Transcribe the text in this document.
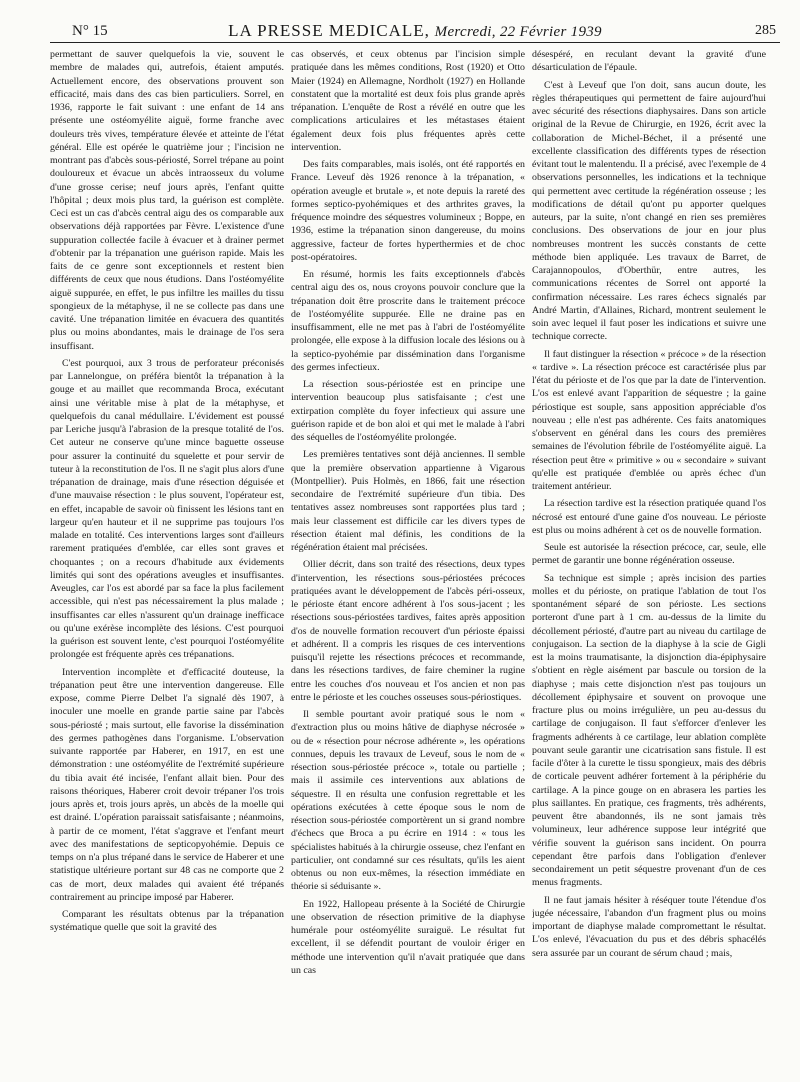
N° 15	LA PRESSE MEDICALE, Mercredi, 22 Février 1939	285

permettant de sauver quelquefois la vie, souvent le membre de malades qui, autrefois, étaient amputés. Actuellement encore, des observations prouvent son efficacité, mais dans des cas bien particuliers. Sorrel, en 1936, rapporte le fait suivant : une enfant de 14 ans présente une ostéomyélite aiguë, forme franche avec douleurs très vives, température élevée et atteinte de l'état général. Elle est opérée le quatrième jour ; l'incision ne montrant pas d'abcès sous-périosté, Sorrel trépane au point douloureux et évacue un abcès intraosseux du volume d'une grosse cerise; neuf jours après, l'enfant quitte l'hôpital ; deux mois plus tard, la guérison est complète. Ceci est un cas d'abcès central aigu des os comparable aux observations déjà rapportées par Fèvre. L'existence d'une suppuration collectée facile à évacuer et à drainer permet d'obtenir par la trépanation une guérison rapide. Mais les faits de ce genre sont exceptionnels et restent bien différents de ceux que nous étudions. Dans l'ostéomyélite aiguë suppurée, en effet, le pus infiltre les mailles du tissu spongieux de la métaphyse, il ne se collecte pas dans une cavité. Une trépanation limitée en évacuera des quantités plus ou moins abondantes, mais le drainage de l'os sera insuffisant.

C'est pourquoi, aux 3 trous de perforateur préconisés par Lannelongue, on préféra bientôt la trépanation à la gouge et au maillet que recommanda Broca, exécutant ainsi une véritable mise à plat de la métaphyse, et quelquefois du canal médullaire. L'évidement est poussé par Leriche jusqu'à l'abrasion de la presque totalité de l'os. Cet auteur ne conserve qu'une mince baguette osseuse pour assurer la continuité du squelette et pour servir de tuteur à la reconstitution de l'os. Il ne s'agit plus alors d'une trépanation de drainage, mais d'une résection déguisée et d'une mauvaise résection : le plus souvent, l'opérateur est, en effet, incapable de savoir où finissent les lésions tant en largeur qu'en hauteur et il ne supprime pas toujours l'os malade en totalité. Ces interventions larges sont d'ailleurs rarement pratiquées d'emblée, car elles sont graves et choquantes ; on a recours d'habitude aux évidements limités qui sont des opérations aveugles et insuffisantes. Aveugles, car l'os est abordé par sa face la plus facilement accessible, qui n'est pas nécessairement la plus malade ; insuffisantes car elles n'assurent qu'un drainage inefficace ou qu'une exérèse incomplète des lésions. C'est pourquoi la guérison est souvent lente, c'est pourquoi l'ostéomyélite prolongée est fréquente après ces trépanations.

Intervention incomplète et d'efficacité douteuse, la trépanation peut être une intervention dangereuse. Elle expose, comme Pierre Delbet l'a signalé dès 1907, à inoculer une moelle en grande partie saine par l'abcès sous-périosté ; mais surtout, elle favorise la dissémination des germes pathogènes dans l'organisme. L'observation suivante rapportée par Haberer, en 1917, en est une démonstration : une ostéomyélite de l'extrémité supérieure du tibia avait été incisée, l'enfant allait bien. Pour des raisons théoriques, Haberer croit devoir trépaner l'os trois jours après et, trois jours après, un abcès de la moelle qui est drainé. L'opération paraissait satisfaisante ; néanmoins, à partir de ce moment, l'état s'aggrave et l'enfant meurt avec des manifestations de septicopyohémie. Depuis ce temps on n'a plus trépané dans le service de Haberer et une statistique ultérieure portant sur 48 cas ne comporte que 2 cas de mort, deux malades qui avaient été trépanés contrairement au principe imposé par Haberer.

Comparant les résultats obtenus par la trépanation systématique quelle que soit la gravité des

cas observés, et ceux obtenus par l'incision simple pratiquée dans les mêmes conditions, Rost (1920) et Otto Maier (1924) en Allemagne, Nordholt (1927) en Hollande constatent que la mortalité est deux fois plus grande après trépanation. L'enquête de Rost a révélé en outre que les complications articulaires et les métastases étaient également deux fois plus fréquentes après cette intervention.

Des faits comparables, mais isolés, ont été rapportés en France. Leveuf dès 1926 renonce à la trépanation, « opération aveugle et brutale », et note depuis la rareté des formes septico-pyohémiques et des arthrites graves, la fréquence moindre des séquestres volumineux ; Boppe, en 1936, estime la trépanation sinon dangereuse, du moins aggressive, facteur de fortes hyperthermies et de choc post-opératoires.

En résumé, hormis les faits exceptionnels d'abcès central aigu des os, nous croyons pouvoir conclure que la trépanation doit être proscrite dans le traitement précoce de l'ostéomyélite suppurée. Elle ne draine pas en insuffisamment, elle ne met pas à l'abri de l'ostéomyélite prolongée, elle expose à la diffusion locale des lésions ou à la septico-pyohémie par dissémination dans l'organisme des germes infectieux.

La résection sous-périostée est en principe une intervention beaucoup plus satisfaisante ; c'est une extirpation complète du foyer infectieux qui assure une guérison rapide et de bon aloi et qui met le malade à l'abri des séquelles de l'ostéomyélite prolongée.

Les premières tentatives sont déjà anciennes. Il semble que la première observation appartienne à Vigarous (Montpellier). Puis Holmès, en 1866, fait une résection secondaire de l'extrémité supérieure d'un tibia. Des tentatives assez nombreuses sont rapportées plus tard ; mais leur classement est difficile car les divers types de résection étaient mal définis, les conditions de la régénération étaient mal précisées.

Ollier décrit, dans son traité des résections, deux types d'intervention, les résections sous-périostées précoces pratiquées avant le développement de l'abcès péri-osseux, le périoste étant encore adhérent à l'os sous-jacent ; les résections sous-périostées tardives, faites après apposition d'os de nouvelle formation recouvert d'un périoste épaissi et adhérent. Il a compris les risques de ces interventions puisqu'il rejette les résections précoces et recommande, dans les résections tardives, de faire cheminer la rugine entre les couches d'os nouveau et l'os ancien et non pas entre le périoste et les couches osseuses sous-périostiques.

Il semble pourtant avoir pratiqué sous le nom « d'extraction plus ou moins hâtive de diaphyse nécrosée » ou de « résection pour nécrose adhérente », les opérations connues, depuis les travaux de Leveuf, sous le nom de « résection sous-périostée précoce », totale ou partielle ; mais il assimile ces interventions aux ablations de séquestre. Il en résulta une confusion regrettable et les opérations exécutées à cette époque sous le nom de résection sous-périostée comportèrent un si grand nombre d'échecs que Broca a pu écrire en 1914 : « tous les spécialistes habitués à la chirurgie osseuse, chez l'enfant en particulier, ont condamné sur ces résultats, qu'ils les aient obtenus ou non eux-mêmes, la résection immédiate en théorie si séduisante ».

En 1922, Hallopeau présente à la Société de Chirurgie une observation de résection primitive de la diaphyse humérale pour ostéomyélite suraiguë. Le résultat fut excellent, il se défendit pourtant de vouloir ériger en méthode une intervention qu'il n'avait pratiquée que dans un cas

désespéré, en reculant devant la gravité d'une désarticulation de l'épaule.

C'est à Leveuf que l'on doit, sans aucun doute, les règles thérapeutiques qui permettent de faire aujourd'hui avec sécurité des résections diaphysaires. Dans son article original de la Revue de Chirurgie, en 1926, écrit avec la collaboration de Michel-Béchet, il a présenté une excellente classification des différents types de résection évitant tout le malentendu. Il a précisé, avec l'exemple de 4 observations personnelles, les indications et la technique qui permettent avec certitude la régénération osseuse ; les modifications de détail qu'ont pu apporter quelques auteurs, par la suite, n'ont changé en rien ses premières conclusions. Des observations de jour en jour plus nombreuses montrent les succès constants de cette méthode bien appliquée. Les travaux de Barret, de Carajannopoulos, d'Oberthür, entre autres, les communications récentes de Sorrel ont apporté la confirmation nécessaire. Les rares échecs signalés par André Martin, d'Allaines, Richard, montrent seulement le soin avec lequel il faut poser les indications et suivre une technique correcte.

Il faut distinguer la résection « précoce » de la résection « tardive ». La résection précoce est caractérisée plus par l'état du périoste et de l'os que par la date de l'intervention. L'os est enlevé avant l'apparition de séquestre ; la gaine périostique est souple, sans apposition appréciable d'os nouveau ; elle n'est pas adhérente. Ces faits anatomiques s'observent en général dans les cours des premières semaines de l'évolution fébrile de l'ostéomyélite aiguë. La résection peut être « primitive » ou « secondaire » suivant qu'elle est pratiquée d'emblée ou après échec d'un traitement antérieur.

La résection tardive est la résection pratiquée quand l'os nécrosé est entouré d'une gaine d'os nouveau. Le périoste est plus ou moins adhérent à cet os de nouvelle formation.

Seule est autorisée la résection précoce, car, seule, elle permet de garantir une bonne régénération osseuse.

Sa technique est simple ; après incision des parties molles et du périoste, on pratique l'ablation de tout l'os spontanément séparé de son périoste. Les sections porteront d'une part à 1 cm. au-dessus de la limite du décollement périosté, d'autre part au niveau du cartilage de conjugaison. La section de la diaphyse à la scie de Gigli est la moins traumatisante, la disjonction dia-épiphysaire s'obtient en règle aisément par bascule ou torsion de la diaphyse ; mais cette disjonction n'est pas toujours un décollement épiphysaire et souvent on provoque une fracture plus ou moins irrégulière, un peu au-dessus du cartilage de conjugaison. Il faut s'efforcer d'enlever les fragments adhérents à ce cartilage, leur ablation complète pouvant seule garantir une cicatrisation sans fistule. Il est facile d'ôter à la curette le tissu spongieux, mais des débris de corticale peuvent adhérer fortement à la périphérie du cartilage. A la pince gouge on en abrasera les parties les plus saillantes. En pratique, ces fragments, très adhérents, peuvent être abandonnés, ils ne sont jamais très volumineux, leur adhérence suppose leur intégrité que vérifie souvent la guérison sans incident. On pourra cependant être parfois dans l'obligation d'enlever secondairement un petit séquestre provenant d'un de ces menus fragments.

Il ne faut jamais hésiter à réséquer toute l'étendue d'os jugée nécessaire, l'abandon d'un fragment plus ou moins important de diaphyse malade compromettant le résultat. L'os enlevé, l'évacuation du pus et des débris sphacélés sera assurée par un courant de sérum chaud ; mais,
